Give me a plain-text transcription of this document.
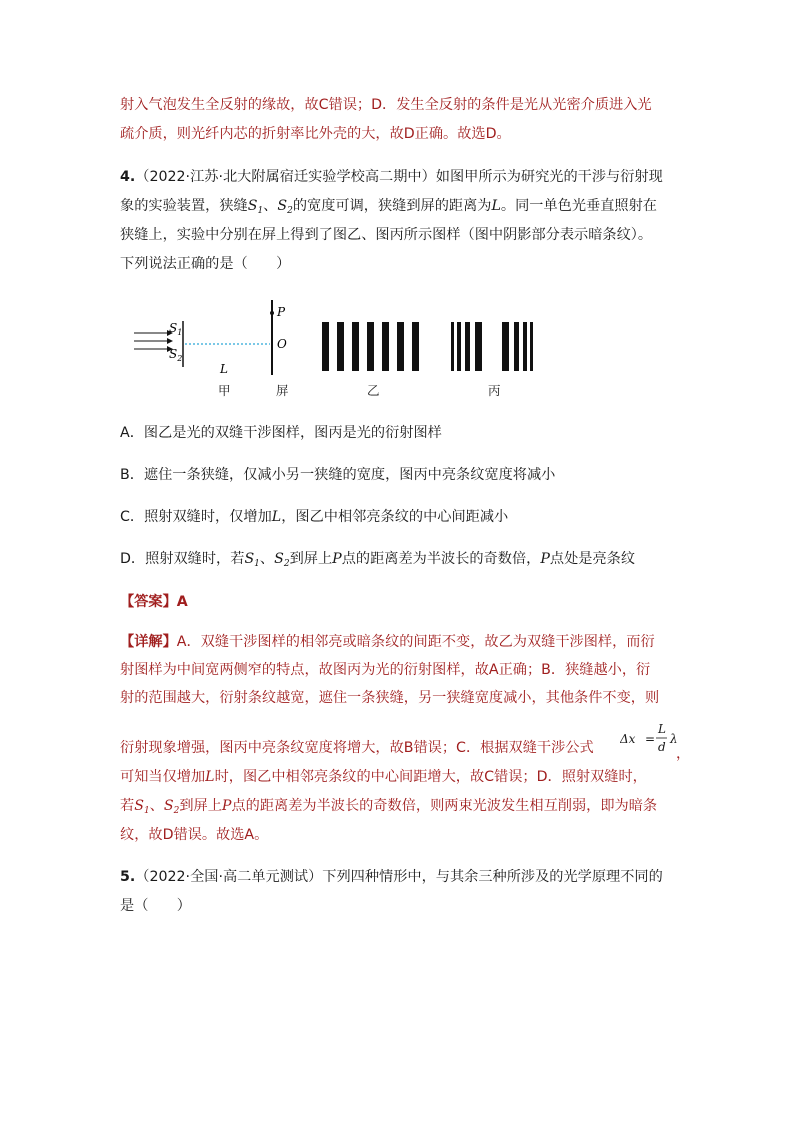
射入气泡发生全反射的缘故，故C错误；D．发生全反射的条件是光从光密介质进入光
疏介质，则光纤内芯的折射率比外壳的大，故D正确。故选D。
4.（2022·江苏·北大附属宿迁实验学校高二期中）如图甲所示为研究光的干涉与衍射现
象的实验装置，狭缝$S_1$、$S_2$的宽度可调，狭缝到屏的距离为L。同一单色光垂直照射在
狭缝上，实验中分别在屏上得到了图乙、图丙所示图样（图中阴影部分表示暗条纹）。
下列说法正确的是（　　）
$S_1$
$S_2$
P
O
L
甲	屏	乙	丙
A．图乙是光的双缝干涉图样，图丙是光的衍射图样
B．遮住一条狭缝，仅减小另一狭缝的宽度，图丙中亮条纹宽度将减小
C．照射双缝时，仅增加L，图乙中相邻亮条纹的中心间距减小
D．照射双缝时，若$S_1$、$S_2$到屏上P点的距离差为半波长的奇数倍，P点处是亮条纹
【答案】A
【详解】A．双缝干涉图样的相邻亮或暗条纹的间距不变，故乙为双缝干涉图样，而衍
射图样为中间宽两侧窄的特点，故图丙为光的衍射图样，故A正确；B．狭缝越小，衍
射的范围越大，衍射条纹越宽，遮住一条狭缝，另一狭缝宽度减小，其他条件不变，则
衍射现象增强，图丙中亮条纹宽度将增大，故B错误；C．根据双缝干涉公式
Δx =
L
d
λ
，
可知当仅增加L时，图乙中相邻亮条纹的中心间距增大，故C错误；D．照射双缝时，
若$S_1$、$S_2$到屏上P点的距离差为半波长的奇数倍，则两束光波发生相互削弱，即为暗条
纹，故D错误。故选A。
5.（2022·全国·高二单元测试）下列四种情形中，与其余三种所涉及的光学原理不同的
是（　　）
